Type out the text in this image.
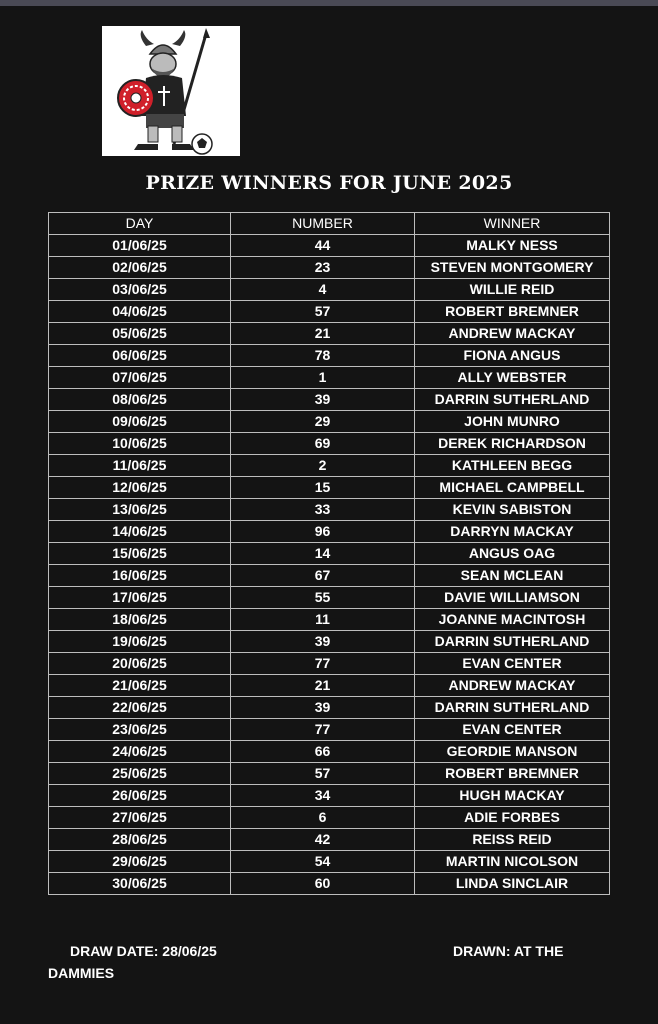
PRIZE WINNERS FOR JUNE 2025
DAY	NUMBER	WINNER
01/06/25	44	MALKY NESS
02/06/25	23	STEVEN MONTGOMERY
03/06/25	4	WILLIE REID
04/06/25	57	ROBERT BREMNER
05/06/25	21	ANDREW MACKAY
06/06/25	78	FIONA ANGUS
07/06/25	1	ALLY WEBSTER
08/06/25	39	DARRIN SUTHERLAND
09/06/25	29	JOHN MUNRO
10/06/25	69	DEREK RICHARDSON
11/06/25	2	KATHLEEN BEGG
12/06/25	15	MICHAEL CAMPBELL
13/06/25	33	KEVIN SABISTON
14/06/25	96	DARRYN MACKAY
15/06/25	14	ANGUS OAG
16/06/25	67	SEAN MCLEAN
17/06/25	55	DAVIE WILLIAMSON
18/06/25	11	JOANNE MACINTOSH
19/06/25	39	DARRIN SUTHERLAND
20/06/25	77	EVAN CENTER
21/06/25	21	ANDREW MACKAY
22/06/25	39	DARRIN SUTHERLAND
23/06/25	77	EVAN CENTER
24/06/25	66	GEORDIE MANSON
25/06/25	57	ROBERT BREMNER
26/06/25	34	HUGH MACKAY
27/06/25	6	ADIE FORBES
28/06/25	42	REISS REID
29/06/25	54	MARTIN NICOLSON
30/06/25	60	LINDA SINCLAIR
DRAW DATE: 28/06/25	DRAWN: AT THE
DAMMIES
